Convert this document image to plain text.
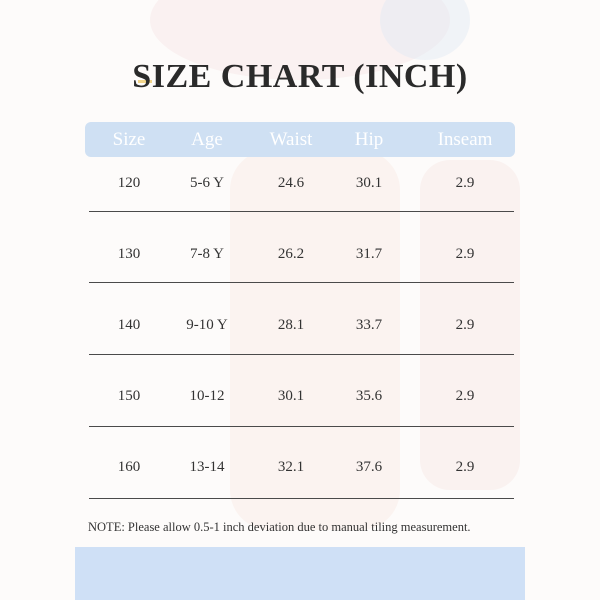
SIZE CHART (INCH)
Size	Age	Waist	Hip	Inseam
120	5-6 Y	24.6	30.1	2.9
130	7-8 Y	26.2	31.7	2.9
140	9-10 Y	28.1	33.7	2.9
150	10-12	30.1	35.6	2.9
160	13-14	32.1	37.6	2.9
NOTE: Please allow 0.5-1 inch deviation due to manual tiling measurement.
